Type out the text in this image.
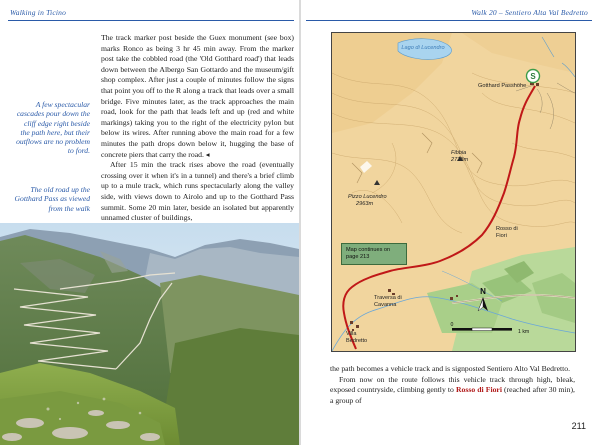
Walking in Ticino	Walk 20 – Sentiero Alta Val Bedretto
A few spectacular cascades pour down the cliff edge right beside the path here, but their outflows are no problem to ford.
The old road up the Gotthard Pass as viewed from the walk

The track marker post beside the Guex monument (see box) marks Ronco as being 3 hr 45 min away. From the marker post take the cobbled road (the 'Old Gotthard road') that leads down between the Albergo San Gottardo and the museum/gift shop complex. After just a couple of minutes follow the signs that point you off to the R along a track that leads over a small bridge. Five minutes later, as the track approaches the main road, look for the path that leads left and up (red and white markings) taking you to the right of the electricity pylon but below its wires. After running above the main road for a few minutes the path drops down below it, hugging the base of concrete piers that carry the road. ◂

After 15 min the track rises above the road (eventually crossing over it when it's in a tunnel) and there's a brief climb up to a mule track, which runs spectacularly along the valley side, with views down to Airolo and up to the Gotthard Pass summit. Some 20 min later, beside an isolated but apparently unnamed cluster of buildings,

S
N
0
1 km
Lago di Lucendro
Gotthard Passhöhe
Pizzo Lucendro
2963m
Fibbia
2738m
Rosso di Fiori
Traversa di Cavanna
Villa Bedretto
Map continues on page 213

the path becomes a vehicle track and is signposted Sentiero Alto Val Bedretto.

From now on the route follows this vehicle track through high, bleak, exposed countryside, climbing gently to Rosso di Fiori (reached after 30 min), a group of

211
